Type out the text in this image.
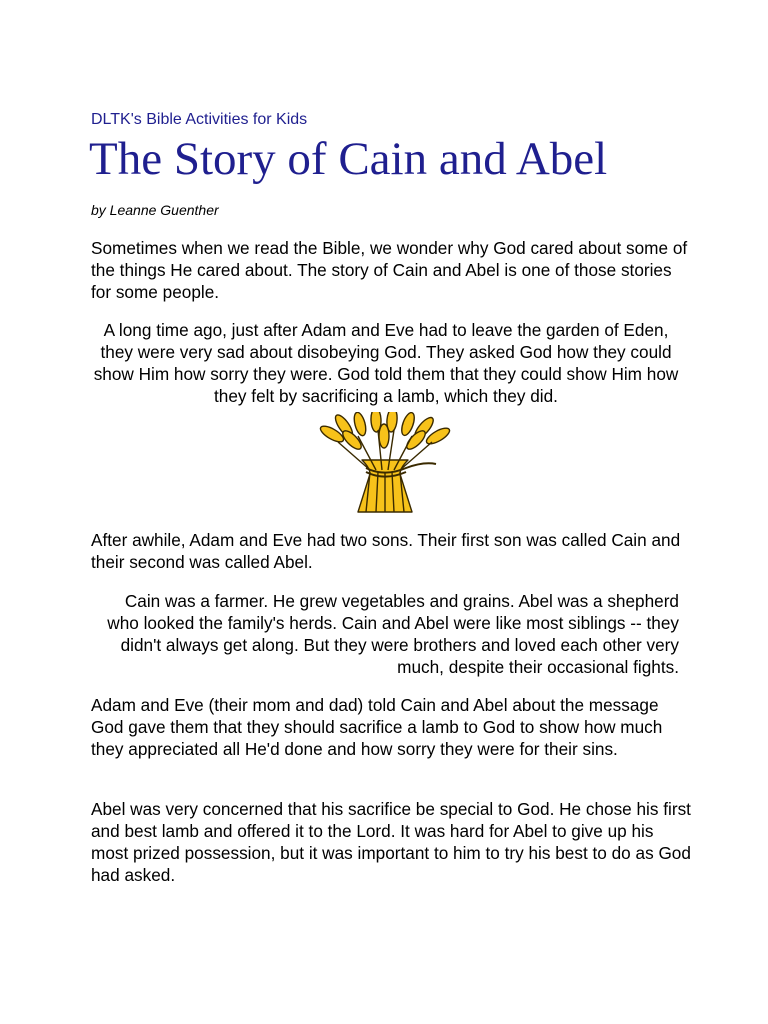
DLTK's Bible Activities for Kids
The Story of Cain and Abel
by Leanne Guenther

Sometimes when we read the Bible, we wonder why God cared about some of the things He cared about. The story of Cain and Abel is one of those stories for some people.

A long time ago, just after Adam and Eve had to leave the garden of Eden, they were very sad about disobeying God. They asked God how they could show Him how sorry they were. God told them that they could show Him how they felt by sacrificing a lamb, which they did.

After awhile, Adam and Eve had two sons. Their first son was called Cain and their second was called Abel.

Cain was a farmer. He grew vegetables and grains. Abel was a shepherd who looked the family's herds. Cain and Abel were like most siblings -- they didn't always get along. But they were brothers and loved each other very much, despite their occasional fights.

Adam and Eve (their mom and dad) told Cain and Abel about the message God gave them that they should sacrifice a lamb to God to show how much they appreciated all He'd done and how sorry they were for their sins.

Abel was very concerned that his sacrifice be special to God. He chose his first and best lamb and offered it to the Lord. It was hard for Abel to give up his most prized possession, but it was important to him to try his best to do as God had asked.
